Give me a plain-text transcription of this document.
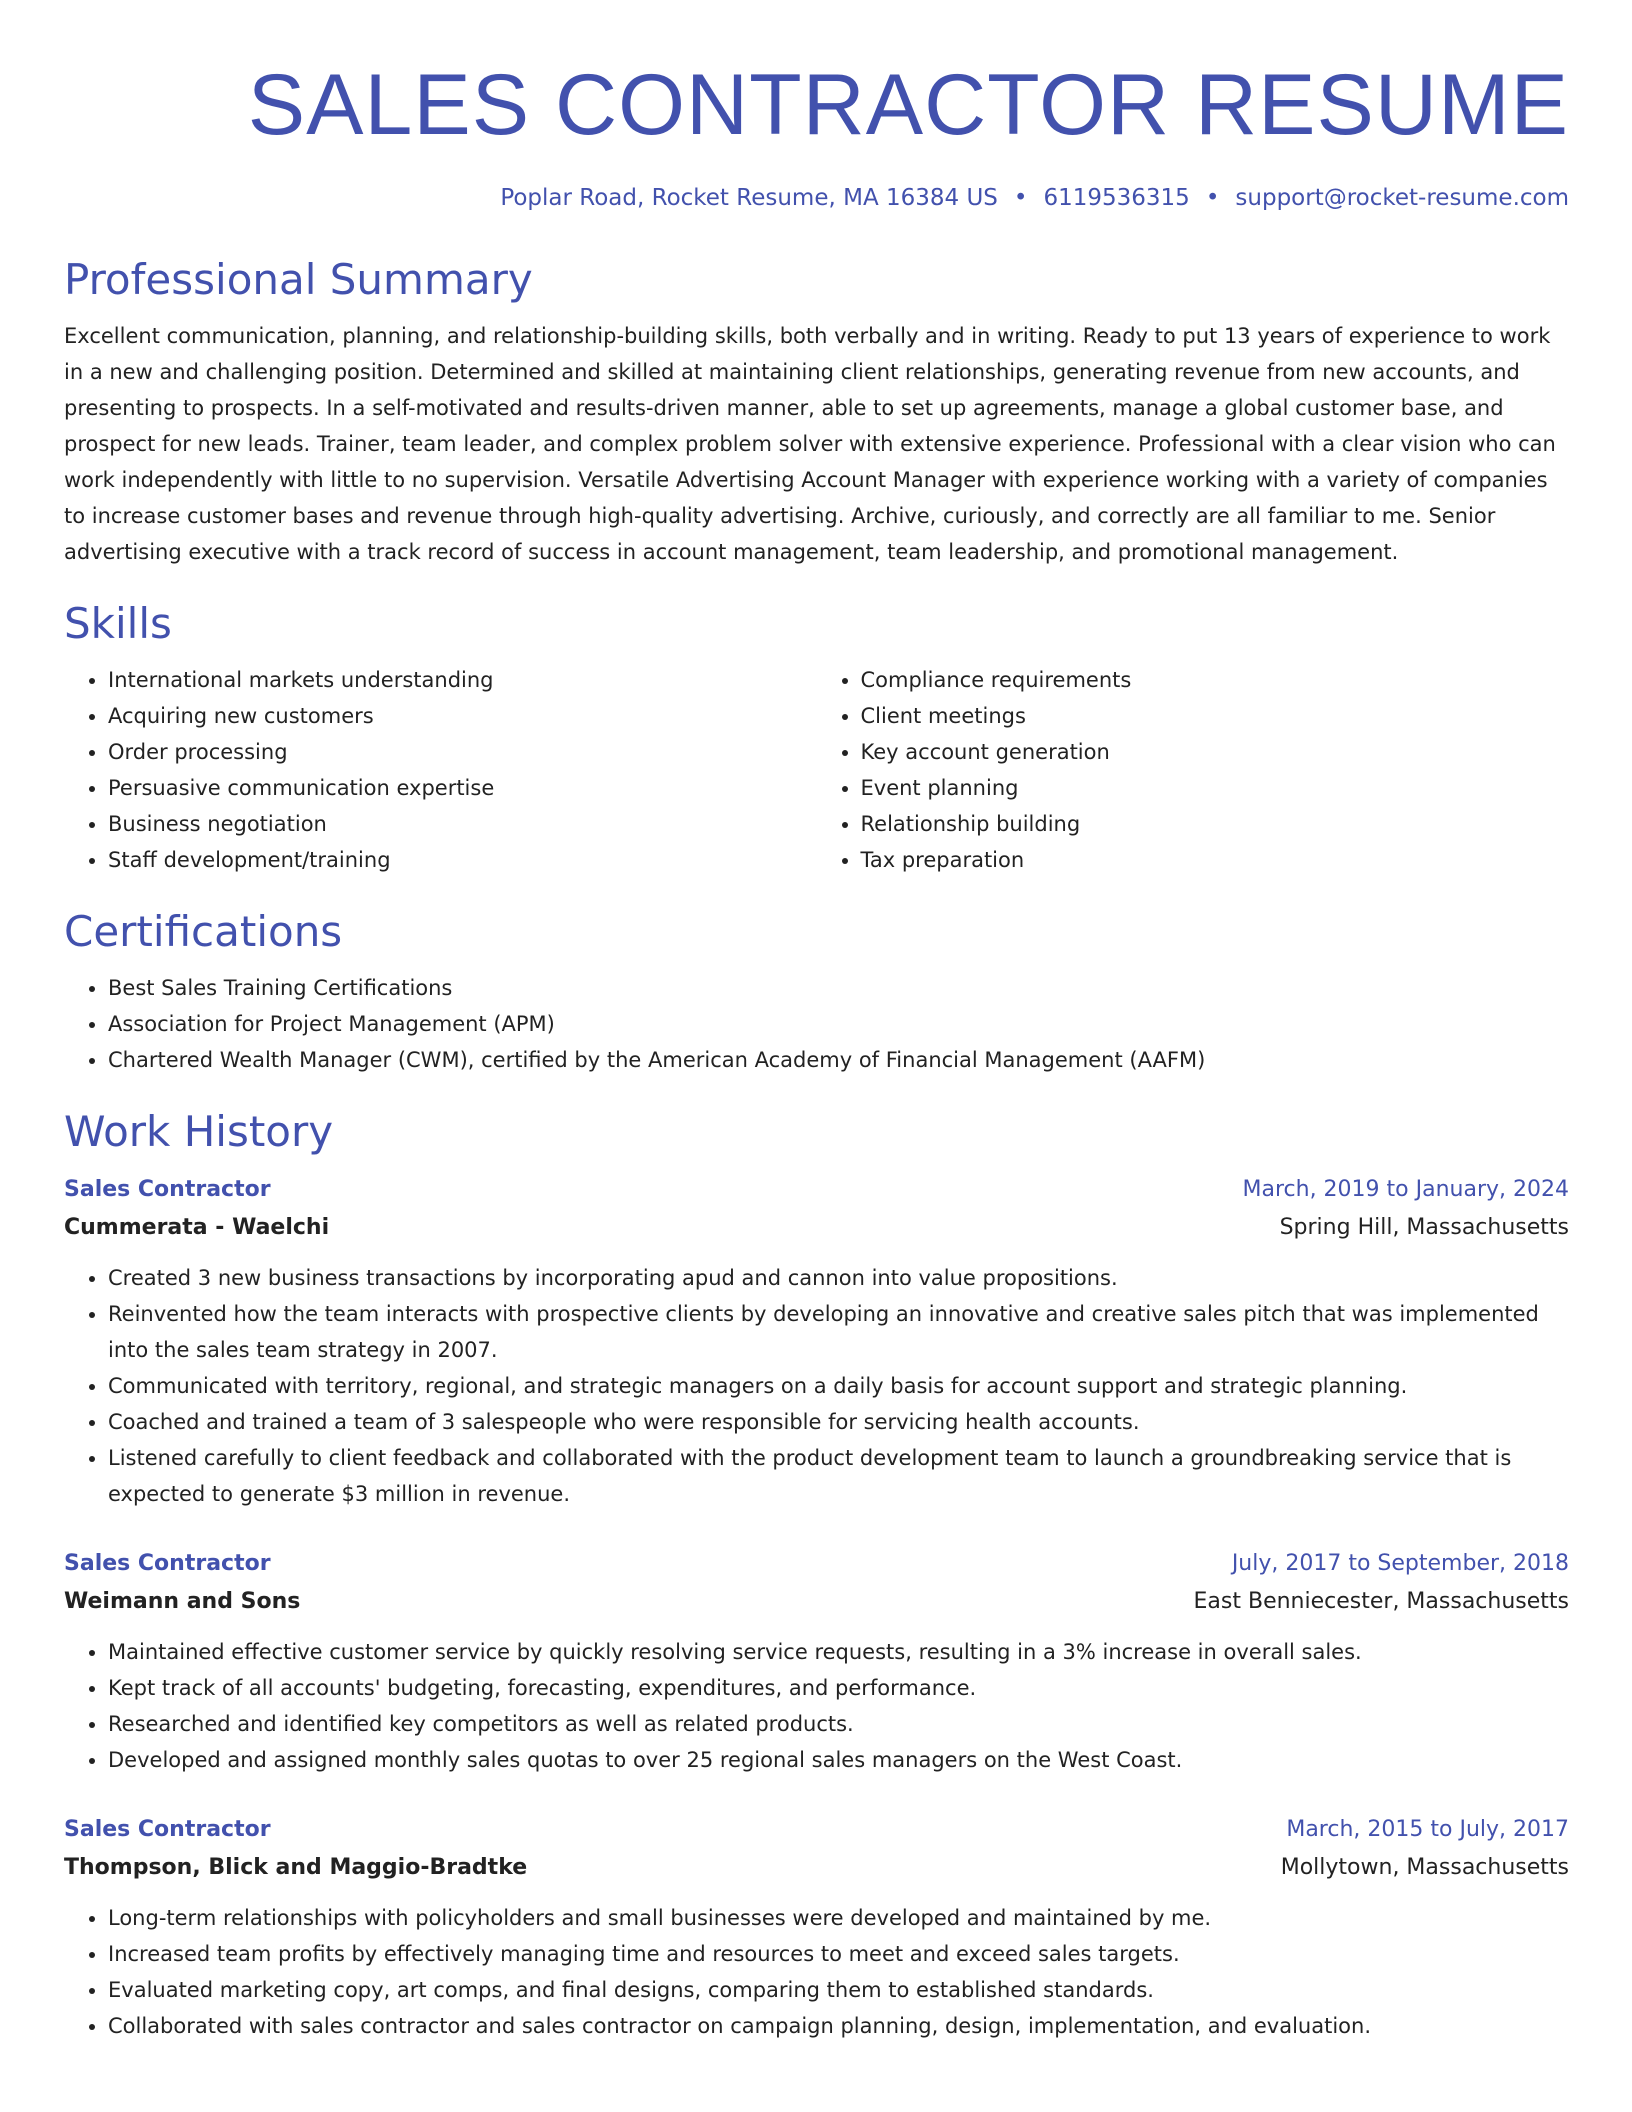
SALES CONTRACTOR RESUME
Poplar Road, Rocket Resume, MA 16384 US • 6119536315 • support@rocket-resume.com
Professional Summary

Excellent communication, planning, and relationship-building skills, both verbally and in writing. Ready to put 13 years of experience to work in a new and challenging position. Determined and skilled at maintaining client relationships, generating revenue from new accounts, and presenting to prospects. In a self-motivated and results-driven manner, able to set up agreements, manage a global customer base, and prospect for new leads. Trainer, team leader, and complex problem solver with extensive experience. Professional with a clear vision who can work independently with little to no supervision. Versatile Advertising Account Manager with experience working with a variety of companies to increase customer bases and revenue through high-quality advertising. Archive, curiously, and correctly are all familiar to me. Senior advertising executive with a track record of success in account management, team leadership, and promotional management.

Skills
• International markets understanding
• Acquiring new customers
• Order processing
• Persuasive communication expertise
• Business negotiation
• Staff development/training
• Compliance requirements
• Client meetings
• Key account generation
• Event planning
• Relationship building
• Tax preparation
Certifications
• Best Sales Training Certifications
• Association for Project Management (APM)
• Chartered Wealth Manager (CWM), certified by the American Academy of Financial Management (AAFM)
Work History
Sales Contractor	March, 2019 to January, 2024
Cummerata - Waelchi	Spring Hill, Massachusetts
• Created 3 new business transactions by incorporating apud and cannon into value propositions.
• Reinvented how the team interacts with prospective clients by developing an innovative and creative sales pitch that was implemented into the sales team strategy in 2007.
• Communicated with territory, regional, and strategic managers on a daily basis for account support and strategic planning.
• Coached and trained a team of 3 salespeople who were responsible for servicing health accounts.
• Listened carefully to client feedback and collaborated with the product development team to launch a groundbreaking service that is expected to generate $3 million in revenue.
Sales Contractor	July, 2017 to September, 2018
Weimann and Sons	East Benniecester, Massachusetts
• Maintained effective customer service by quickly resolving service requests, resulting in a 3% increase in overall sales.
• Kept track of all accounts' budgeting, forecasting, expenditures, and performance.
• Researched and identified key competitors as well as related products.
• Developed and assigned monthly sales quotas to over 25 regional sales managers on the West Coast.
Sales Contractor	March, 2015 to July, 2017
Thompson, Blick and Maggio-Bradtke	Mollytown, Massachusetts
• Long-term relationships with policyholders and small businesses were developed and maintained by me.
• Increased team profits by effectively managing time and resources to meet and exceed sales targets.
• Evaluated marketing copy, art comps, and final designs, comparing them to established standards.
• Collaborated with sales contractor and sales contractor on campaign planning, design, implementation, and evaluation.
